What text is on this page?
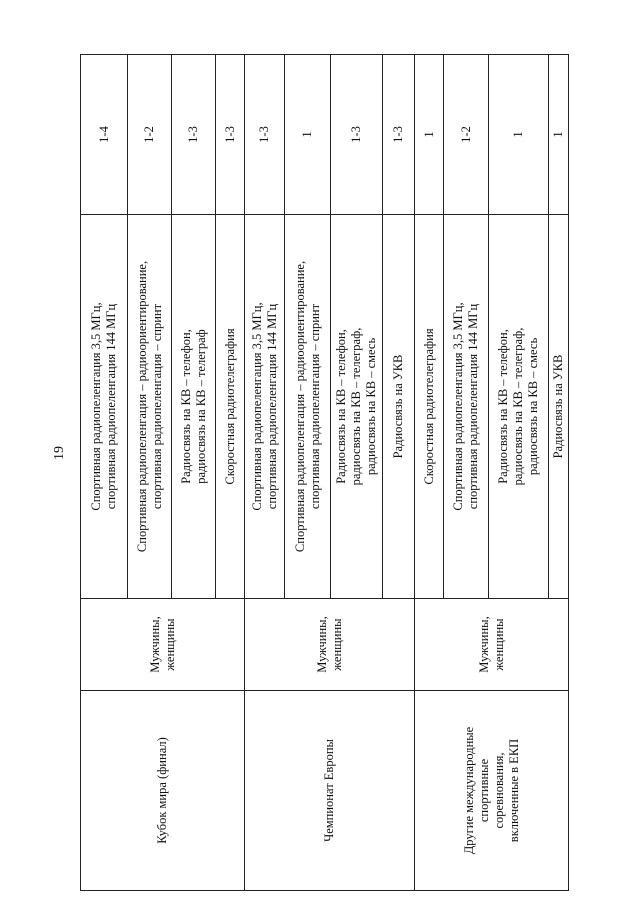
19
Кубок мира (финал)	Мужчины,
женщины	Спортивная радиопеленгация 3,5 МГц,
спортивная радиопеленгация 144 МГц	1-4
		Спортивная радиопеленгация – радиоориентирование,
спортивная радиопеленгация – спринт	1-2
		Радиосвязь на КВ – телефон,
радиосвязь на КВ – телеграф	1-3
		Скоростная радиотелеграфия	1-3
Чемпионат Европы	Мужчины,
женщины	Спортивная радиопеленгация 3,5 МГц,
спортивная радиопеленгация 144 МГц	1-3
		Спортивная радиопеленгация – радиоориентирование,
спортивная радиопеленгация – спринт	1
		Радиосвязь на КВ – телефон,
радиосвязь на КВ – телеграф,
радиосвязь на КВ – смесь	1-3
		Радиосвязь на УКВ	1-3
Другие международные
спортивные
соревнования,
включенные в ЕКП	Мужчины,
женщины	Скоростная радиотелеграфия	1
		Спортивная радиопеленгация 3,5 МГц,
спортивная радиопеленгация 144 МГц	1-2
		Радиосвязь на КВ – телефон,
радиосвязь на КВ – телеграф,
радиосвязь на КВ – смесь	1
		Радиосвязь на УКВ	1
